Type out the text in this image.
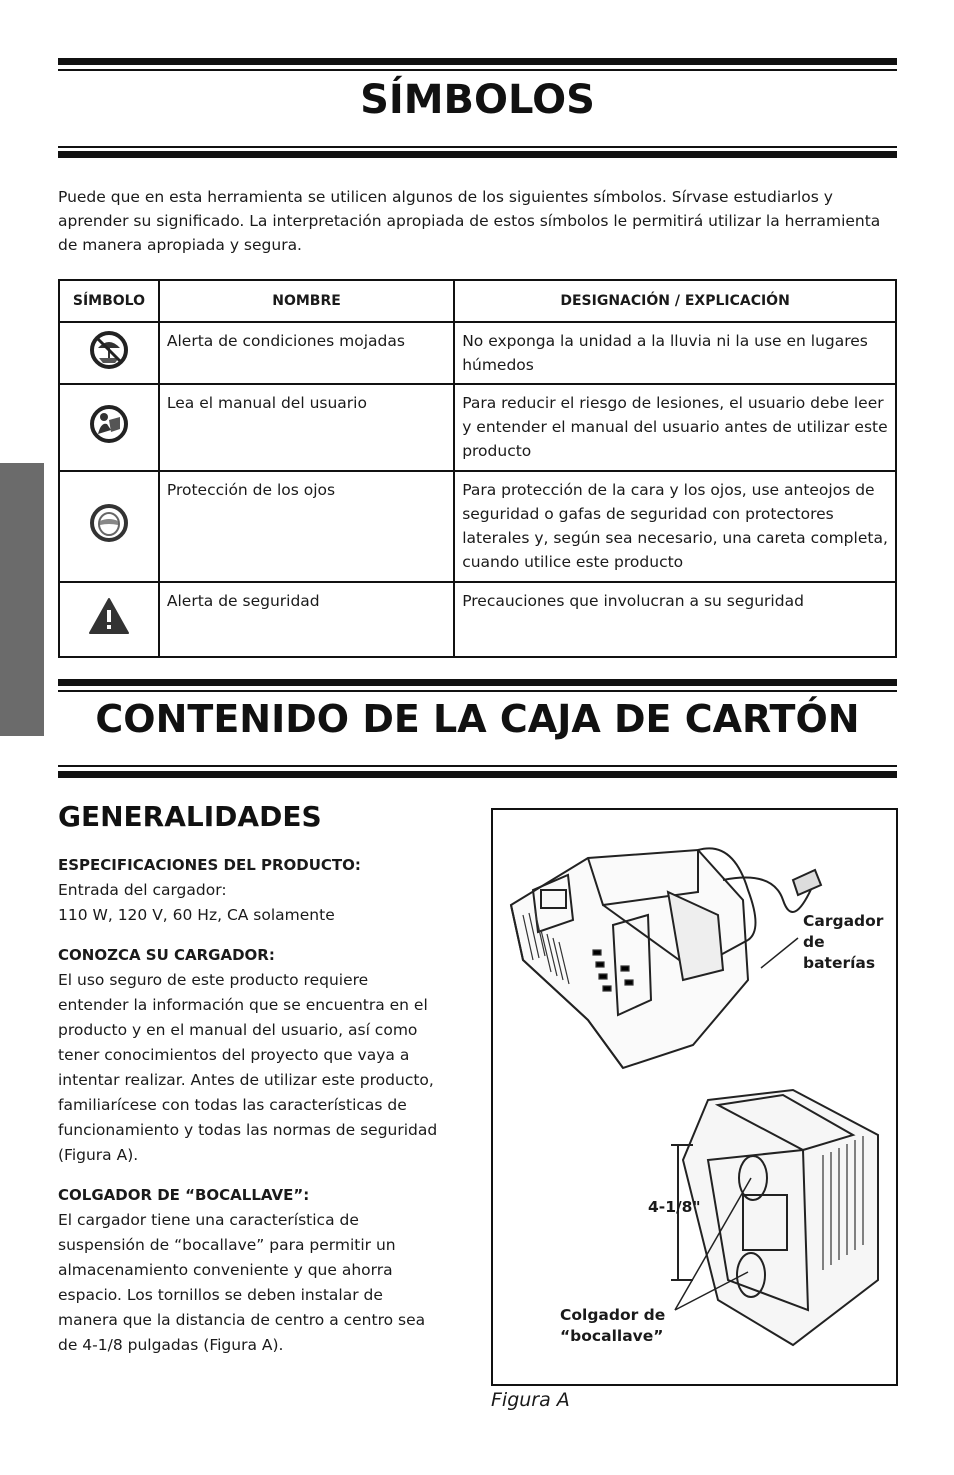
SÍMBOLOS

Puede que en esta herramienta se utilicen algunos de los siguientes símbolos. Sírvase estudiarlos y aprender su significado. La interpretación apropiada de estos símbolos le permitirá utilizar la herramienta de manera apropiada y segura.

SÍMBOLO	NOMBRE	DESIGNACIÓN / EXPLICACIÓN
	Alerta de condiciones mojadas	No exponga la unidad a la lluvia ni la use en lugares húmedos
	Lea el manual del usuario	Para reducir el riesgo de lesiones, el usuario debe leer y entender el manual del usuario antes de utilizar este producto
	Protección de los ojos	Para protección de la cara y los ojos, use anteojos de seguridad o gafas de seguridad con protectores laterales y, según sea necesario, una careta completa, cuando utilice este producto
	Alerta de seguridad	Precauciones que involucran a su seguridad
CONTENIDO DE LA CAJA DE CARTÓN
GENERALIDADES
ESPECIFICACIONES DEL PRODUCTO:
Entrada del cargador:
110 W, 120 V, 60 Hz, CA solamente
CONOZCA SU CARGADOR:
El uso seguro de este producto requiere entender la información que se encuentra en el producto y en el manual del usuario, así como tener conocimientos del proyecto que vaya a intentar realizar. Antes de utilizar este producto, familiarícese con todas las características de funcionamiento y todas las normas de seguridad (Figura A).
COLGADOR DE “BOCALLAVE”:
El cargador tiene una característica de suspensión de “bocallave” para permitir un almacenamiento conveniente y que ahorra espacio. Los tornillos se deben instalar de manera que la distancia de centro a centro sea de 4-1/8 pulgadas (Figura A).
Cargador
de
baterías
4-1/8"
Colgador de
“bocallave”
Figura A
